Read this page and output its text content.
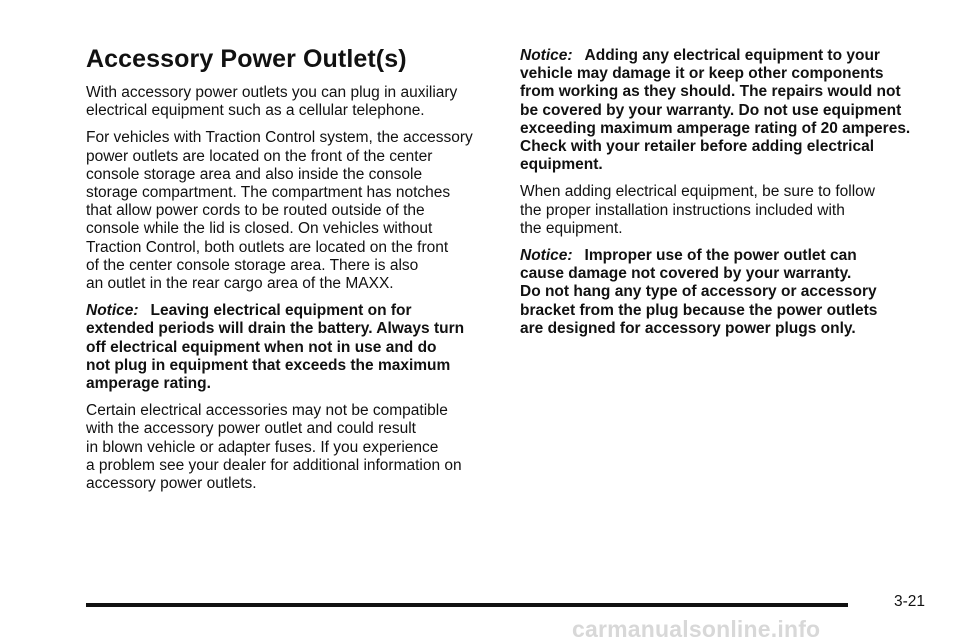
Accessory Power Outlet(s)

With accessory power outlets you can plug in auxiliary
electrical equipment such as a cellular telephone.

For vehicles with Traction Control system, the accessory
power outlets are located on the front of the center
console storage area and also inside the console
storage compartment. The compartment has notches
that allow power cords to be routed outside of the
console while the lid is closed. On vehicles without
Traction Control, both outlets are located on the front
of the center console storage area. There is also
an outlet in the rear cargo area of the MAXX.

Notice: Leaving electrical equipment on for
extended periods will drain the battery. Always turn
off electrical equipment when not in use and do
not plug in equipment that exceeds the maximum
amperage rating.

Certain electrical accessories may not be compatible
with the accessory power outlet and could result
in blown vehicle or adapter fuses. If you experience
a problem see your dealer for additional information on
accessory power outlets.

Notice: Adding any electrical equipment to your
vehicle may damage it or keep other components
from working as they should. The repairs would not
be covered by your warranty. Do not use equipment
exceeding maximum amperage rating of 20 amperes.
Check with your retailer before adding electrical
equipment.

When adding electrical equipment, be sure to follow
the proper installation instructions included with
the equipment.

Notice: Improper use of the power outlet can
cause damage not covered by your warranty.
Do not hang any type of accessory or accessory
bracket from the plug because the power outlets
are designed for accessory power plugs only.

3-21
carmanualsonline.info
